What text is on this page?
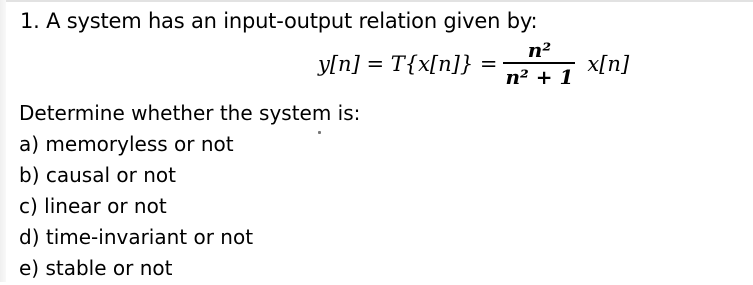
1. A system has an input-output relation given by:
$y[n] = T\{x[n]\} = \frac{\text{n²}}{\text{n² + 1}} x[n]$
Determine whether the system is:
a) memoryless or not
b) causal or not
c) linear or not
d) time-invariant or not
e) stable or not
